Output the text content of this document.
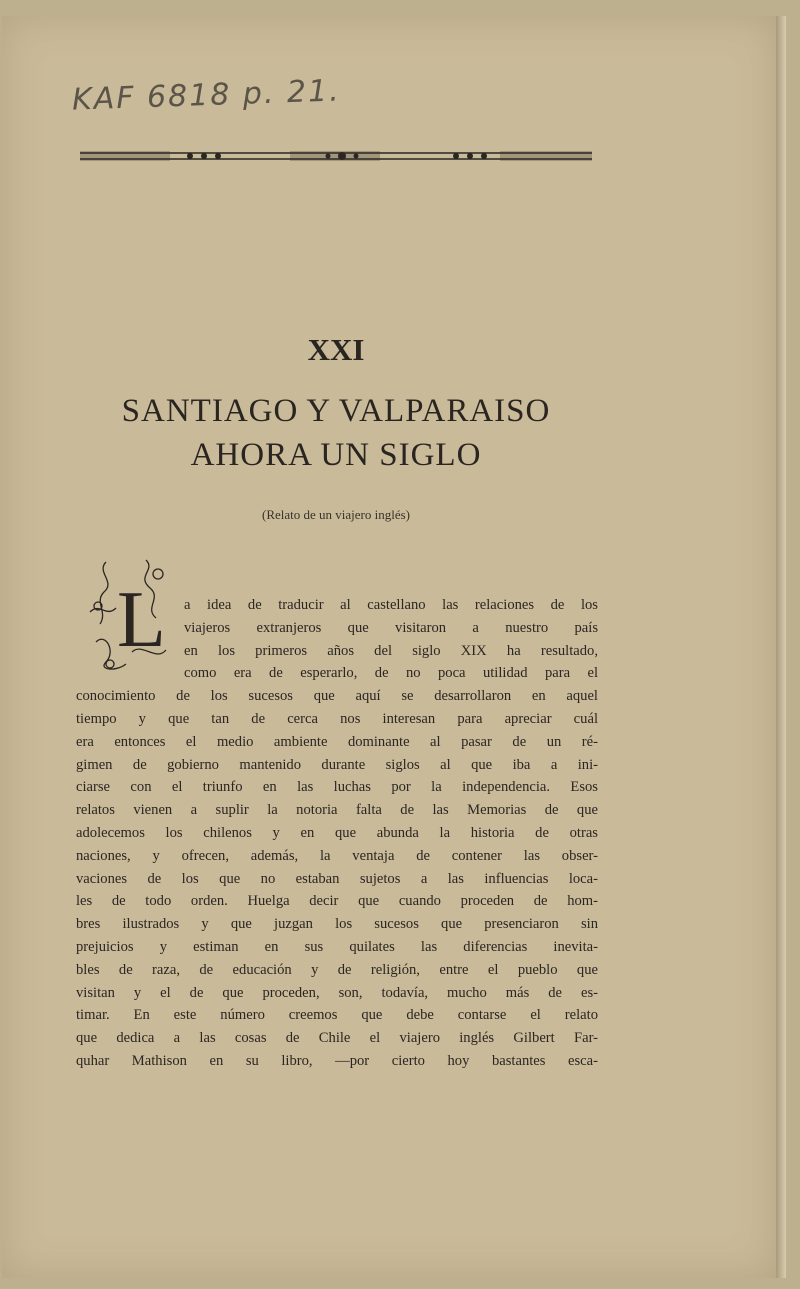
KAF 6818 p. 21.
XXI
SANTIAGO Y VALPARAISO
AHORA UN SIGLO
(Relato de un viajero inglés)
L a idea de traducir al castellano las relaciones de los
viajeros extranjeros que visitaron a nuestro país
en los primeros años del siglo XIX ha resultado,
como era de esperarlo, de no poca utilidad para el
conocimiento de los sucesos que aquí se desarrollaron en aquel
tiempo y que tan de cerca nos interesan para apreciar cuál
era entonces el medio ambiente dominante al pasar de un ré-
gimen de gobierno mantenido durante siglos al que iba a ini-
ciarse con el triunfo en las luchas por la independencia. Esos
relatos vienen a suplir la notoria falta de las Memorias de que
adolecemos los chilenos y en que abunda la historia de otras
naciones, y ofrecen, además, la ventaja de contener las obser-
vaciones de los que no estaban sujetos a las influencias loca-
les de todo orden. Huelga decir que cuando proceden de hom-
bres ilustrados y que juzgan los sucesos que presenciaron sin
prejuicios y estiman en sus quilates las diferencias inevita-
bles de raza, de educación y de religión, entre el pueblo que
visitan y el de que proceden, son, todavía, mucho más de es-
timar. En este número creemos que debe contarse el relato
que dedica a las cosas de Chile el viajero inglés Gilbert Far-
quhar Mathison en su libro, —por cierto hoy bastantes esca-
